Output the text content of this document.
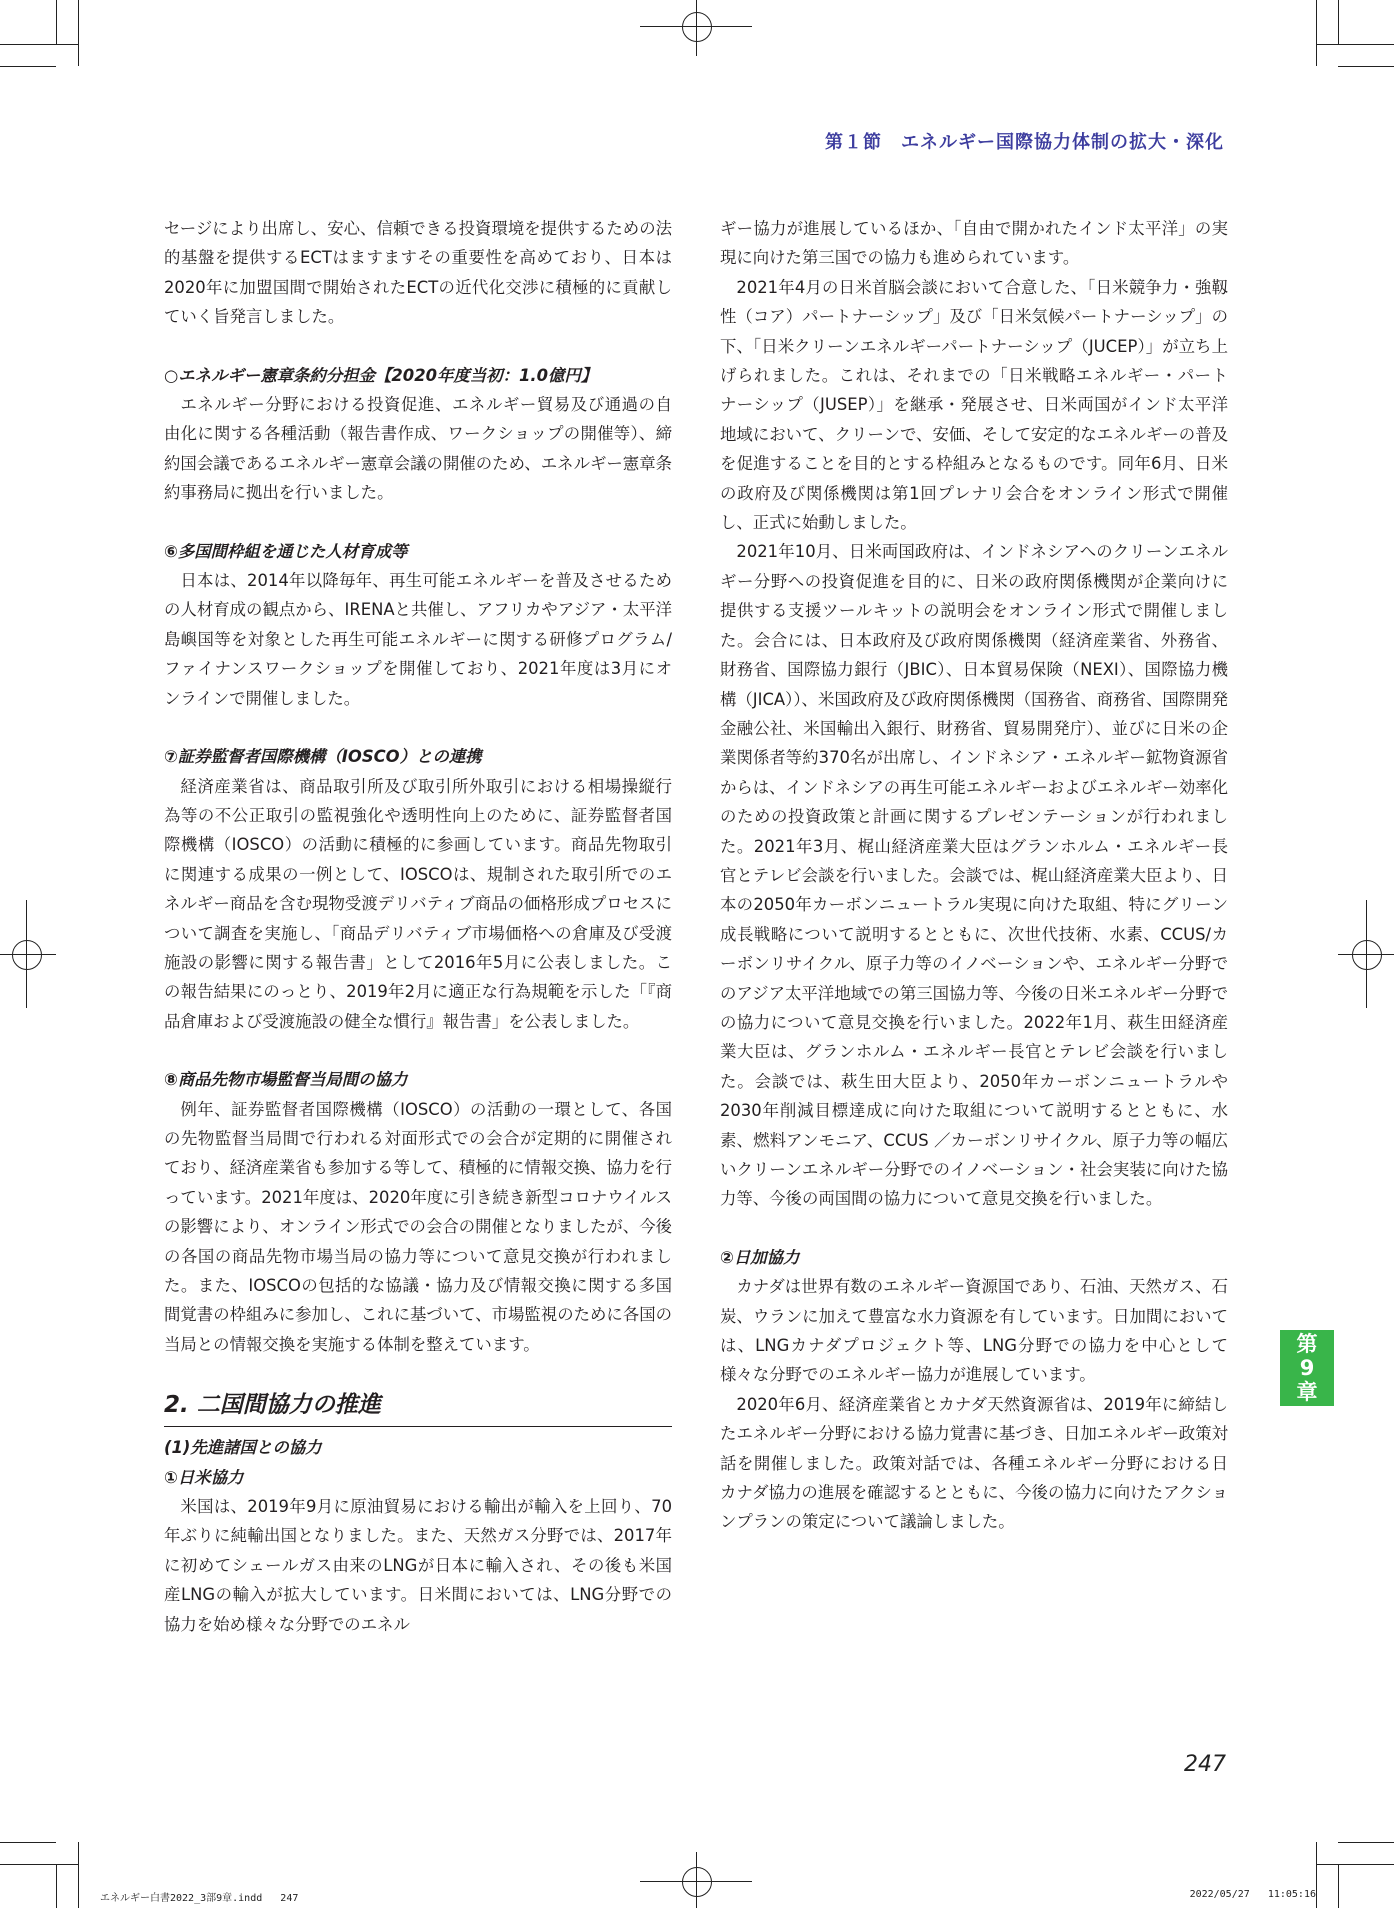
第１節　エネルギー国際協力体制の拡大・深化

セージにより出席し、安心、信頼できる投資環境を提供するための法的基盤を提供するECTはますますその重要性を高めており、日本は2020年に加盟国間で開始されたECTの近代化交渉に積極的に貢献していく旨発言しました。

○エネルギー憲章条約分担金【2020年度当初：1.0億円】

エネルギー分野における投資促進、エネルギー貿易及び通過の自由化に関する各種活動（報告書作成、ワークショップの開催等）、締約国会議であるエネルギー憲章会議の開催のため、エネルギー憲章条約事務局に拠出を行いました。

⑥多国間枠組を通じた人材育成等

日本は、2014年以降毎年、再生可能エネルギーを普及させるための人材育成の観点から、IRENAと共催し、アフリカやアジア・太平洋島嶼国等を対象とした再生可能エネルギーに関する研修プログラム/ファイナンスワークショップを開催しており、2021年度は3月にオンラインで開催しました。

⑦証券監督者国際機構（IOSCO）との連携

経済産業省は、商品取引所及び取引所外取引における相場操縦行為等の不公正取引の監視強化や透明性向上のために、証券監督者国際機構（IOSCO）の活動に積極的に参画しています。商品先物取引に関連する成果の一例として、IOSCOは、規制された取引所でのエネルギー商品を含む現物受渡デリバティブ商品の価格形成プロセスについて調査を実施し、「商品デリバティブ市場価格への倉庫及び受渡施設の影響に関する報告書」として2016年5月に公表しました。この報告結果にのっとり、2019年2月に適正な行為規範を示した「『商品倉庫および受渡施設の健全な慣行』報告書」を公表しました。

⑧商品先物市場監督当局間の協力

例年、証券監督者国際機構（IOSCO）の活動の一環として、各国の先物監督当局間で行われる対面形式での会合が定期的に開催されており、経済産業省も参加する等して、積極的に情報交換、協力を行っています。2021年度は、2020年度に引き続き新型コロナウイルスの影響により、オンライン形式での会合の開催となりましたが、今後の各国の商品先物市場当局の協力等について意見交換が行われました。また、IOSCOの包括的な協議・協力及び情報交換に関する多国間覚書の枠組みに参加し、これに基づいて、市場監視のために各国の当局との情報交換を実施する体制を整えています。

2. 二国間協力の推進
(1)先進諸国との協力
①日米協力

米国は、2019年9月に原油貿易における輸出が輸入を上回り、70年ぶりに純輸出国となりました。また、天然ガス分野では、2017年に初めてシェールガス由来のLNGが日本に輸入され、その後も米国産LNGの輸入が拡大しています。日米間においては、LNG分野での協力を始め様々な分野でのエネル

ギー協力が進展しているほか、「自由で開かれたインド太平洋」の実現に向けた第三国での協力も進められています。

2021年4月の日米首脳会談において合意した、「日米競争力・強靱性（コア）パートナーシップ」及び「日米気候パートナーシップ」の下、「日米クリーンエネルギーパートナーシップ（JUCEP）」が立ち上げられました。これは、それまでの「日米戦略エネルギー・パートナーシップ（JUSEP）」を継承・発展させ、日米両国がインド太平洋地域において、クリーンで、安価、そして安定的なエネルギーの普及を促進することを目的とする枠組みとなるものです。同年6月、日米の政府及び関係機関は第1回プレナリ会合をオンライン形式で開催し、正式に始動しました。

2021年10月、日米両国政府は、インドネシアへのクリーンエネルギー分野への投資促進を目的に、日米の政府関係機関が企業向けに提供する支援ツールキットの説明会をオンライン形式で開催しました。会合には、日本政府及び政府関係機関（経済産業省、外務省、財務省、国際協力銀行（JBIC）、日本貿易保険（NEXI）、国際協力機構（JICA））、米国政府及び政府関係機関（国務省、商務省、国際開発金融公社、米国輸出入銀行、財務省、貿易開発庁）、並びに日米の企業関係者等約370名が出席し、インドネシア・エネルギー鉱物資源省からは、インドネシアの再生可能エネルギーおよびエネルギー効率化のための投資政策と計画に関するプレゼンテーションが行われました。2021年3月、梶山経済産業大臣はグランホルム・エネルギー長官とテレビ会談を行いました。会談では、梶山経済産業大臣より、日本の2050年カーボンニュートラル実現に向けた取組、特にグリーン成長戦略について説明するとともに、次世代技術、水素、CCUS/カーボンリサイクル、原子力等のイノベーションや、エネルギー分野でのアジア太平洋地域での第三国協力等、今後の日米エネルギー分野での協力について意見交換を行いました。2022年1月、萩生田経済産業大臣は、グランホルム・エネルギー長官とテレビ会談を行いました。会談では、萩生田大臣より、2050年カーボンニュートラルや2030年削減目標達成に向けた取組について説明するとともに、水素、燃料アンモニア、CCUS ／カーボンリサイクル、原子力等の幅広いクリーンエネルギー分野でのイノベーション・社会実装に向けた協力等、今後の両国間の協力について意見交換を行いました。

②日加協力

カナダは世界有数のエネルギー資源国であり、石油、天然ガス、石炭、ウランに加えて豊富な水力資源を有しています。日加間においては、LNGカナダプロジェクト等、LNG分野での協力を中心として様々な分野でのエネルギー協力が進展しています。

2020年6月、経済産業省とカナダ天然資源省は、2019年に締結したエネルギー分野における協力覚書に基づき、日加エネルギー政策対話を開催しました。政策対話では、各種エネルギー分野における日カナダ協力の進展を確認するとともに、今後の協力に向けたアクションプランの策定について議論しました。

第
9
章
247
エネルギー白書2022_3部9章.indd   247	2022/05/27   11:05:16
